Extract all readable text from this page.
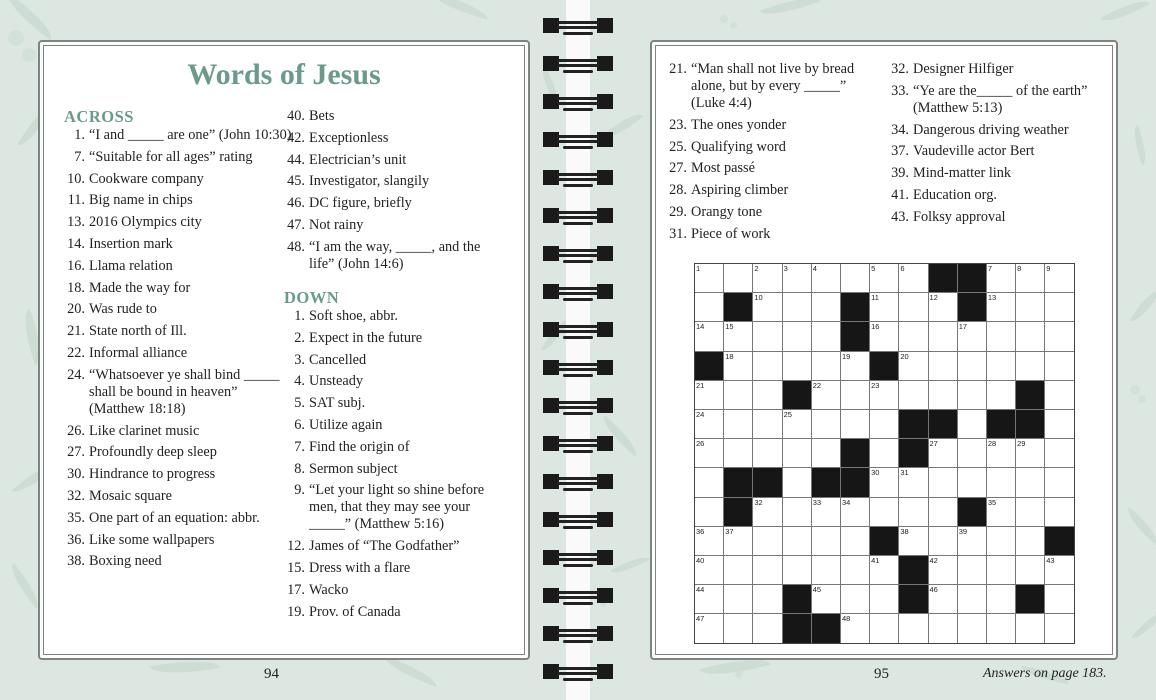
Words of Jesus
ACROSS
1. “I and _____ are one” (John 10:30)
7. “Suitable for all ages” rating
10. Cookware company
11. Big name in chips
13. 2016 Olympics city
14. Insertion mark
16. Llama relation
18. Made the way for
20. Was rude to
21. State north of Ill.
22. Informal alliance
24. “Whatsoever ye shall bind _____ shall be bound in heaven” (Matthew 18:18)
26. Like clarinet music
27. Profoundly deep sleep
30. Hindrance to progress
32. Mosaic square
35. One part of an equation: abbr.
36. Like some wallpapers
38. Boxing need
40. Bets
42. Exceptionless
44. Electrician’s unit
45. Investigator, slangily
46. DC figure, briefly
47. Not rainy
48. “I am the way, _____, and the life” (John 14:6)
DOWN
1. Soft shoe, abbr.
2. Expect in the future
3. Cancelled
4. Unsteady
5. SAT subj.
6. Utilize again
7. Find the origin of
8. Sermon subject
9. “Let your light so shine before men, that they may see your _____” (Matthew 5:16)
12. James of “The Godfather”
15. Dress with a flare
17. Wacko
19. Prov. of Canada
21. “Man shall not live by bread alone, but by every _____” (Luke 4:4)
23. The ones yonder
25. Qualifying word
27. Most passé
28. Aspiring climber
29. Orangy tone
31. Piece of work
32. Designer Hilfiger
33. “Ye are the_____ of the earth” (Matthew 5:13)
34. Dangerous driving weather
37. Vaudeville actor Bert
39. Mind-matter link
41. Education org.
43. Folksy approval
1	2	3	4	5	6	7	8	9
10	11	12	13
14	15	16	17
18	19	20
21	22	23
24	25
26	27	28	29
30	31
32	33	34	35
36	37	38	39
40	41	42	43
44	45	46
47	48
94	95	Answers on page 183.
